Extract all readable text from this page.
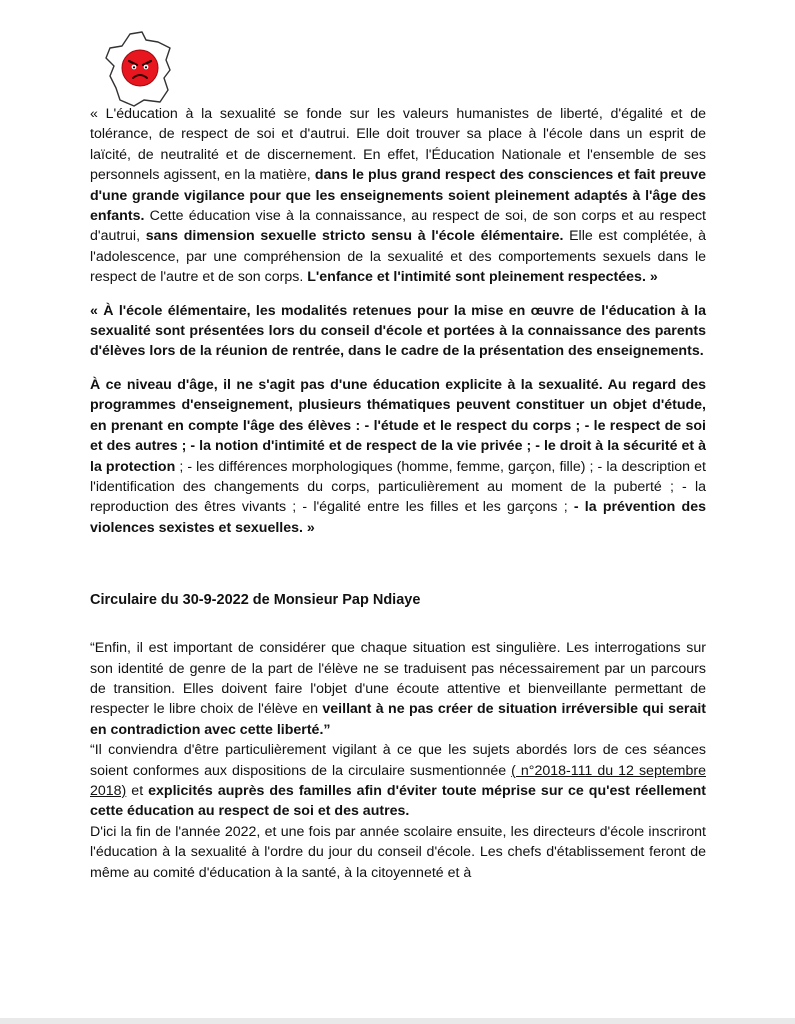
« L'éducation à la sexualité se fonde sur les valeurs humanistes de liberté, d'égalité et de tolérance, de respect de soi et d'autrui. Elle doit trouver sa place à l'école dans un esprit de laïcité, de neutralité et de discernement. En effet, l'Éducation Nationale et l'ensemble de ses personnels agissent, en la matière, dans le plus grand respect des consciences et fait preuve d'une grande vigilance pour que les enseignements soient pleinement adaptés à l'âge des enfants. Cette éducation vise à la connaissance, au respect de soi, de son corps et au respect d'autrui, sans dimension sexuelle stricto sensu à l'école élémentaire. Elle est complétée, à l'adolescence, par une compréhension de la sexualité et des comportements sexuels dans le respect de l'autre et de son corps. L'enfance et l'intimité sont pleinement respectées. »

« À l'école élémentaire, les modalités retenues pour la mise en œuvre de l'éducation à la sexualité sont présentées lors du conseil d'école et portées à la connaissance des parents d'élèves lors de la réunion de rentrée, dans le cadre de la présentation des enseignements.

À ce niveau d'âge, il ne s'agit pas d'une éducation explicite à la sexualité. Au regard des programmes d'enseignement, plusieurs thématiques peuvent constituer un objet d'étude, en prenant en compte l'âge des élèves : - l'étude et le respect du corps ; - le respect de soi et des autres ; - la notion d'intimité et de respect de la vie privée ; - le droit à la sécurité et à la protection ; - les différences morphologiques (homme, femme, garçon, fille) ; - la description et l'identification des changements du corps, particulièrement au moment de la puberté ; - la reproduction des êtres vivants ; - l'égalité entre les filles et les garçons ; - la prévention des violences sexistes et sexuelles. »

Circulaire du 30-9-2022 de Monsieur Pap Ndiaye

“Enfin, il est important de considérer que chaque situation est singulière. Les interrogations sur son identité de genre de la part de l'élève ne se traduisent pas nécessairement par un parcours de transition. Elles doivent faire l'objet d'une écoute attentive et bienveillante permettant de respecter le libre choix de l'élève en veillant à ne pas créer de situation irréversible qui serait en contradiction avec cette liberté.”

“Il conviendra d'être particulièrement vigilant à ce que les sujets abordés lors de ces séances soient conformes aux dispositions de la circulaire susmentionnée ( n°2018-111 du 12 septembre 2018) et explicités auprès des familles afin d'éviter toute méprise sur ce qu'est réellement cette éducation au respect de soi et des autres.

D'ici la fin de l'année 2022, et une fois par année scolaire ensuite, les directeurs d'école inscriront l'éducation à la sexualité à l'ordre du jour du conseil d'école. Les chefs d'établissement feront de même au comité d'éducation à la santé, à la citoyenneté et à
